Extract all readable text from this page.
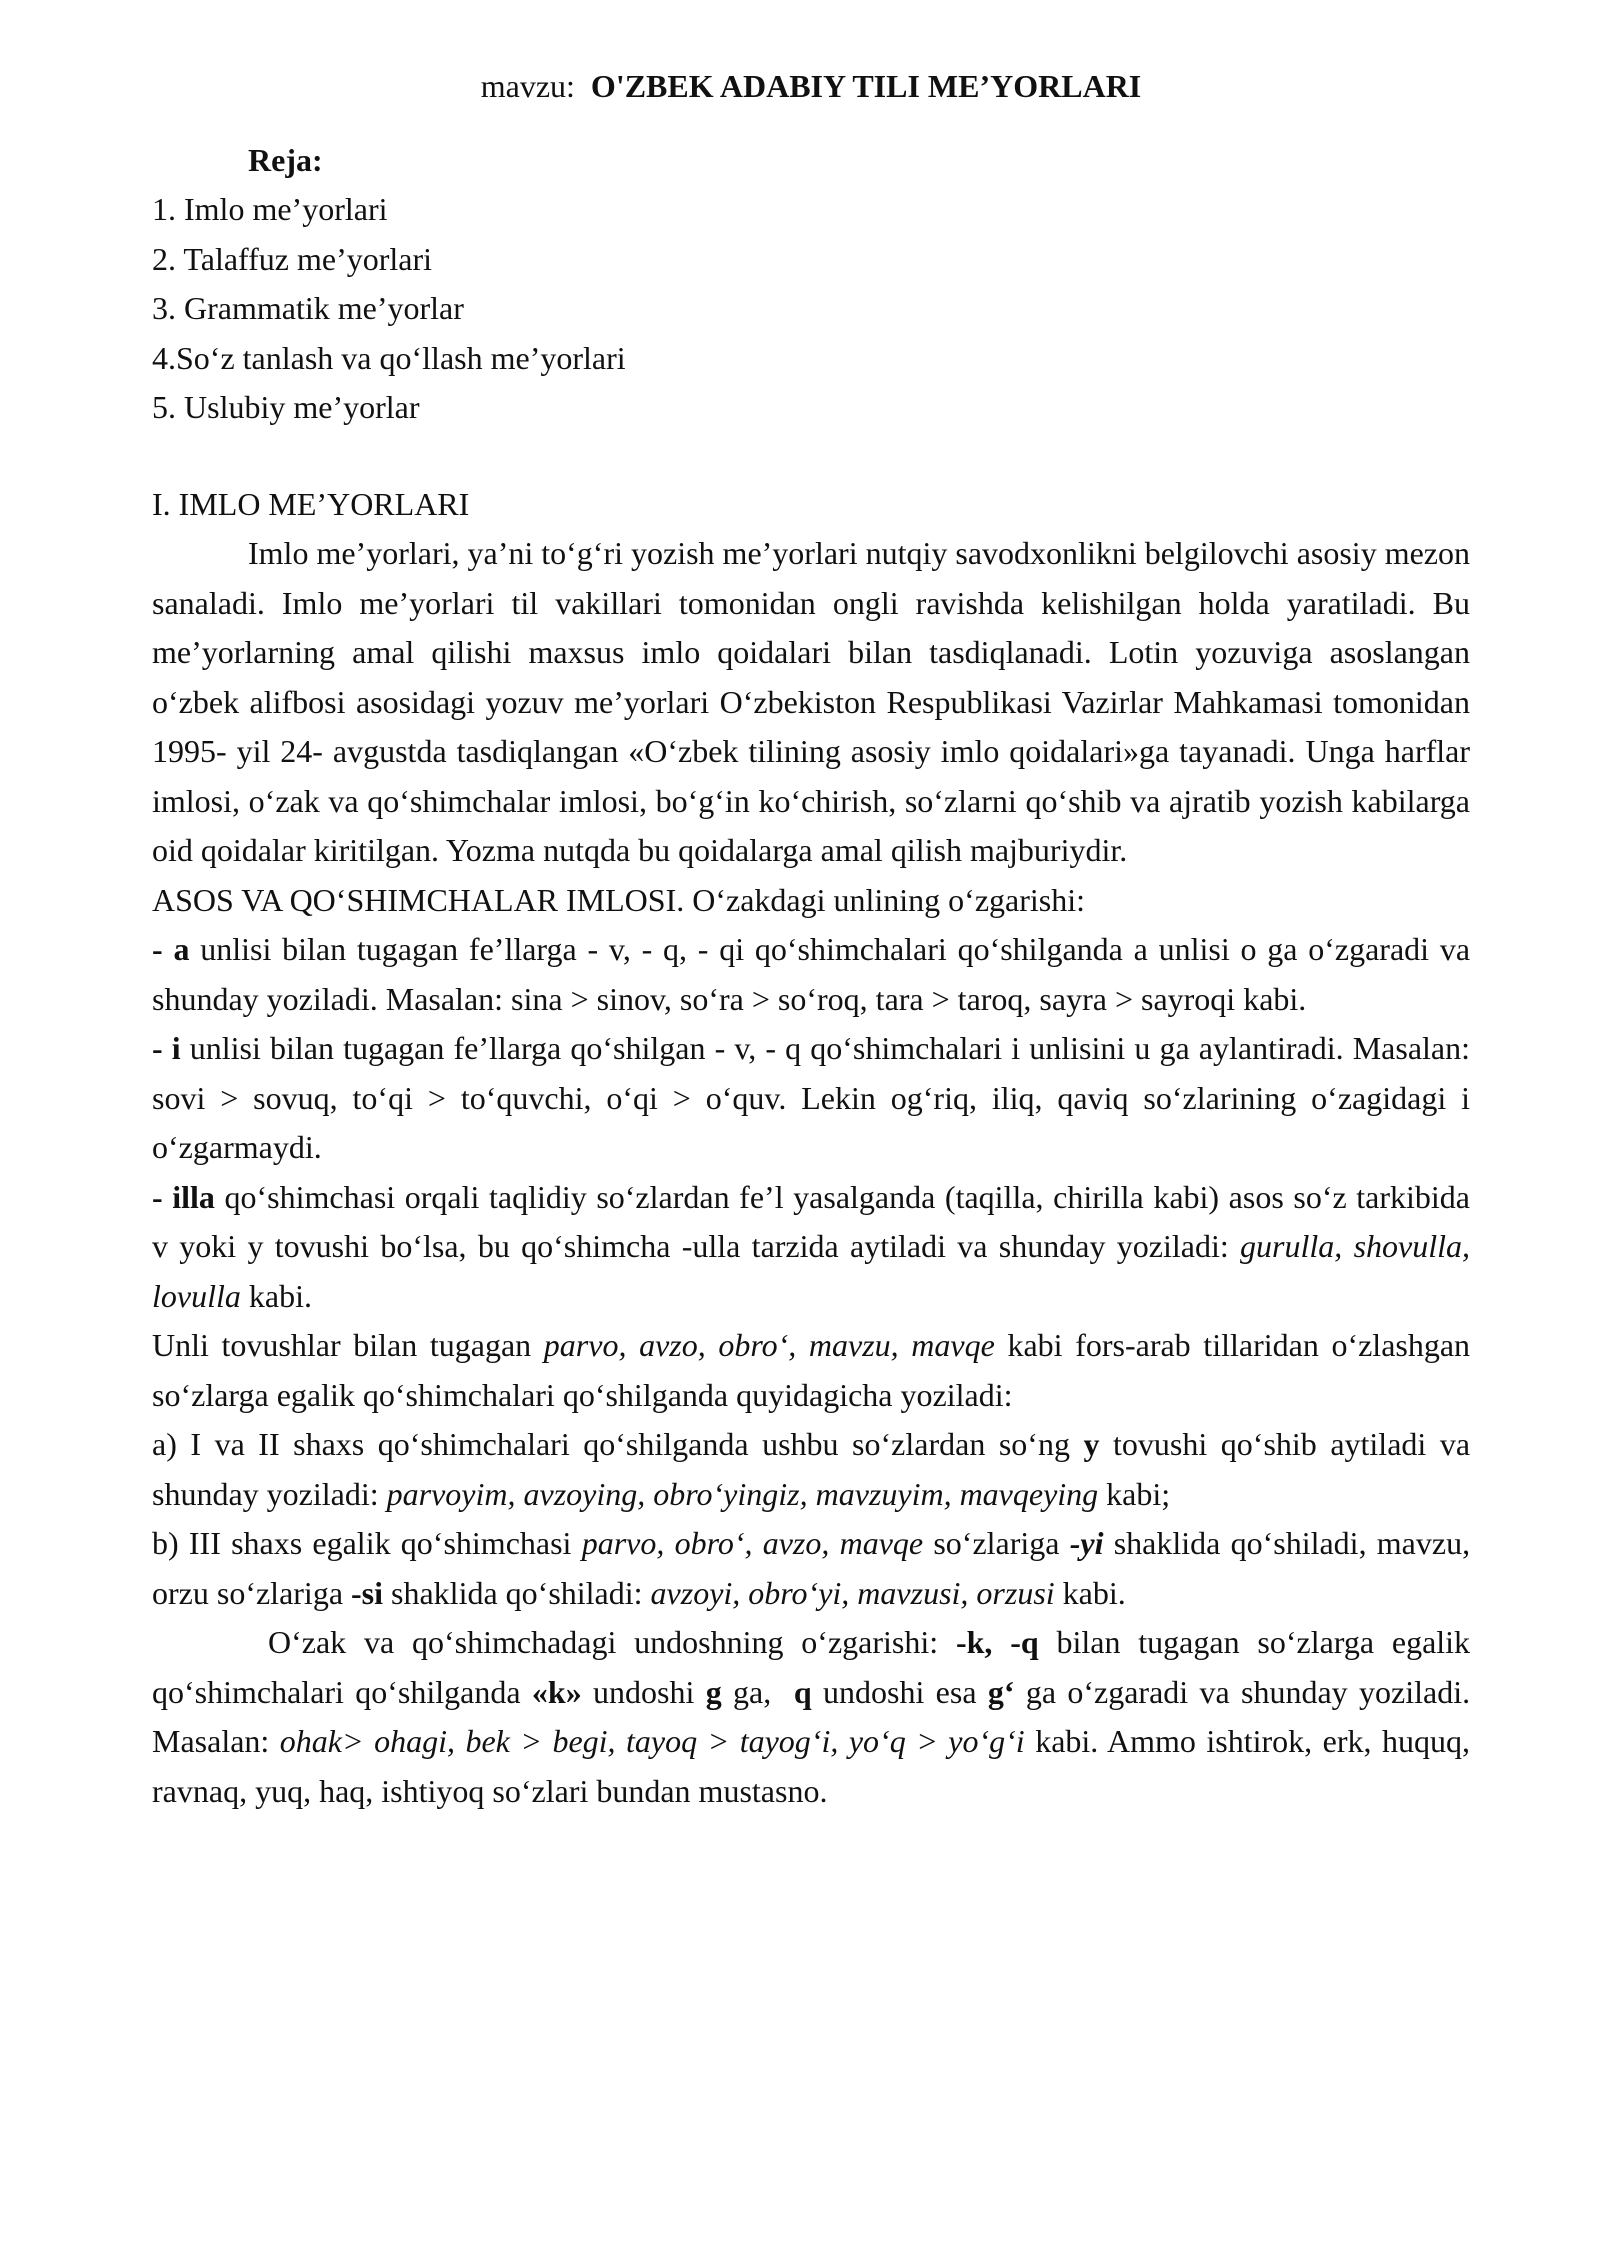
mavzu: O'ZBEK ADABIY TILI ME’YORLARI
Reja:
1. Imlo me’yorlari
2. Talaffuz me’yorlari
3. Grammatik me’yorlar
4.So‘z tanlash va qo‘llash me’yorlari
5. Uslubiy me’yorlar
I. IMLO ME’YORLARI

Imlo me’yorlari, ya’ni to‘g‘ri yozish me’yorlari nutqiy savodxonlikni belgilovchi asosiy mezon sanaladi. Imlo me’yorlari til vakillari tomonidan ongli ravishda kelishilgan holda yaratiladi. Bu me’yorlarning amal qilishi maxsus imlo qoidalari bilan tasdiqlanadi. Lotin yozuviga asoslangan o‘zbek alifbosi asosidagi yozuv me’yorlari O‘zbekiston Respublikasi Vazirlar Mahkamasi tomonidan 1995- yil 24- avgustda tasdiqlangan «O‘zbek tilining asosiy imlo qoidalari»ga tayanadi. Unga harflar imlosi, o‘zak va qo‘shimchalar imlosi, bo‘g‘in ko‘chirish, so‘zlarni qo‘shib va ajratib yozish kabilarga oid qoidalar kiritilgan. Yozma nutqda bu qoidalarga amal qilish majburiydir.

ASOS VA QO‘SHIMCHALAR IMLOSI. O‘zakdagi unlining o‘zgarishi:

- a unlisi bilan tugagan fe’llarga - v, - q, - qi qo‘shimchalari qo‘shilganda a unlisi o ga o‘zgaradi va shunday yoziladi. Masalan: sina > sinov, so‘ra > so‘roq, tara > taroq, sayra > sayroqi kabi.

- i unlisi bilan tugagan fe’llarga qo‘shilgan - v, - q qo‘shimchalari i unlisini u ga aylantiradi. Masalan: sovi > sovuq, to‘qi > to‘quvchi, o‘qi > o‘quv. Lekin og‘riq, iliq, qaviq so‘zlarining o‘zagidagi i o‘zgarmaydi.

- illa qo‘shimchasi orqali taqlidiy so‘zlardan fe’l yasalganda (taqilla, chirilla kabi) asos so‘z tarkibida v yoki y tovushi bo‘lsa, bu qo‘shimcha -ulla tarzida aytiladi va shunday yoziladi: gurulla, shovulla, lovulla kabi.

Unli tovushlar bilan tugagan parvo, avzo, obro‘, mavzu, mavqe kabi fors-arab tillaridan o‘zlashgan so‘zlarga egalik qo‘shimchalari qo‘shilganda quyidagicha yoziladi:

a) I va II shaxs qo‘shimchalari qo‘shilganda ushbu so‘zlardan so‘ng y tovushi qo‘shib aytiladi va shunday yoziladi: parvoyim, avzoying, obro‘yingiz, mavzuyim, mavqeying kabi;

b) III shaxs egalik qo‘shimchasi parvo, obro‘, avzo, mavqe so‘zlariga -yi shaklida qo‘shiladi, mavzu, orzu so‘zlariga -si shaklida qo‘shiladi: avzoyi, obro‘yi, mavzusi, orzusi kabi.

O‘zak va qo‘shimchadagi undoshning o‘zgarishi: -k, -q bilan tugagan so‘zlarga egalik qo‘shimchalari qo‘shilganda «k» undoshi g ga, q undoshi esa g‘ ga o‘zgaradi va shunday yoziladi. Masalan: ohak> ohagi, bek > begi, tayoq > tayog‘i, yo‘q > yo‘g‘i kabi. Ammo ishtirok, erk, huquq, ravnaq, yuq, haq, ishtiyoq so‘zlari bundan mustasno.
